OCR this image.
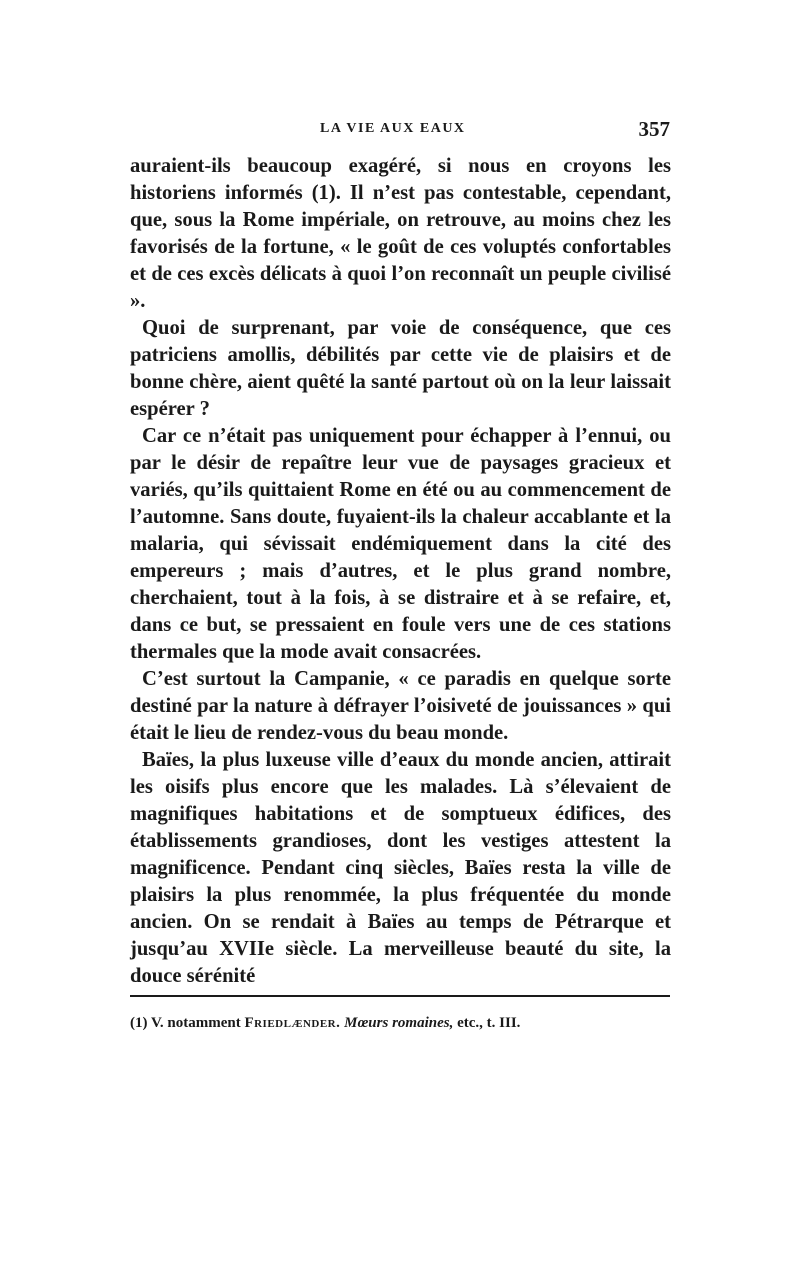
LA VIE AUX EAUX	357

auraient-ils beaucoup exagéré, si nous en croyons les historiens informés (1). Il n’est pas contestable, cependant, que, sous la Rome impériale, on retrouve, au moins chez les favorisés de la fortune, « le goût de ces voluptés confortables et de ces excès délicats à quoi l’on reconnaît un peuple civilisé ».

Quoi de surprenant, par voie de conséquence, que ces patriciens amollis, débilités par cette vie de plaisirs et de bonne chère, aient quêté la santé partout où on la leur laissait espérer ?

Car ce n’était pas uniquement pour échapper à l’ennui, ou par le désir de repaître leur vue de paysages gracieux et variés, qu’ils quittaient Rome en été ou au commencement de l’automne. Sans doute, fuyaient-ils la chaleur accablante et la malaria, qui sévissait endémiquement dans la cité des empereurs ; mais d’autres, et le plus grand nombre, cherchaient, tout à la fois, à se distraire et à se refaire, et, dans ce but, se pressaient en foule vers une de ces stations thermales que la mode avait consacrées.

C’est surtout la Campanie, « ce paradis en quelque sorte destiné par la nature à défrayer l’oisiveté de jouissances » qui était le lieu de rendez-vous du beau monde.

Baïes, la plus luxeuse ville d’eaux du monde ancien, attirait les oisifs plus encore que les malades. Là s’élevaient de magnifiques habitations et de somptueux édifices, des établissements grandioses, dont les vestiges attestent la magnificence. Pendant cinq siècles, Baïes resta la ville de plaisirs la plus renommée, la plus fréquentée du monde ancien. On se rendait à Baïes au temps de Pétrarque et jusqu’au XVIIe siècle. La merveilleuse beauté du site, la douce sérénité

(1) V. notamment Friedlænder. Mœurs romaines, etc., t. III.
